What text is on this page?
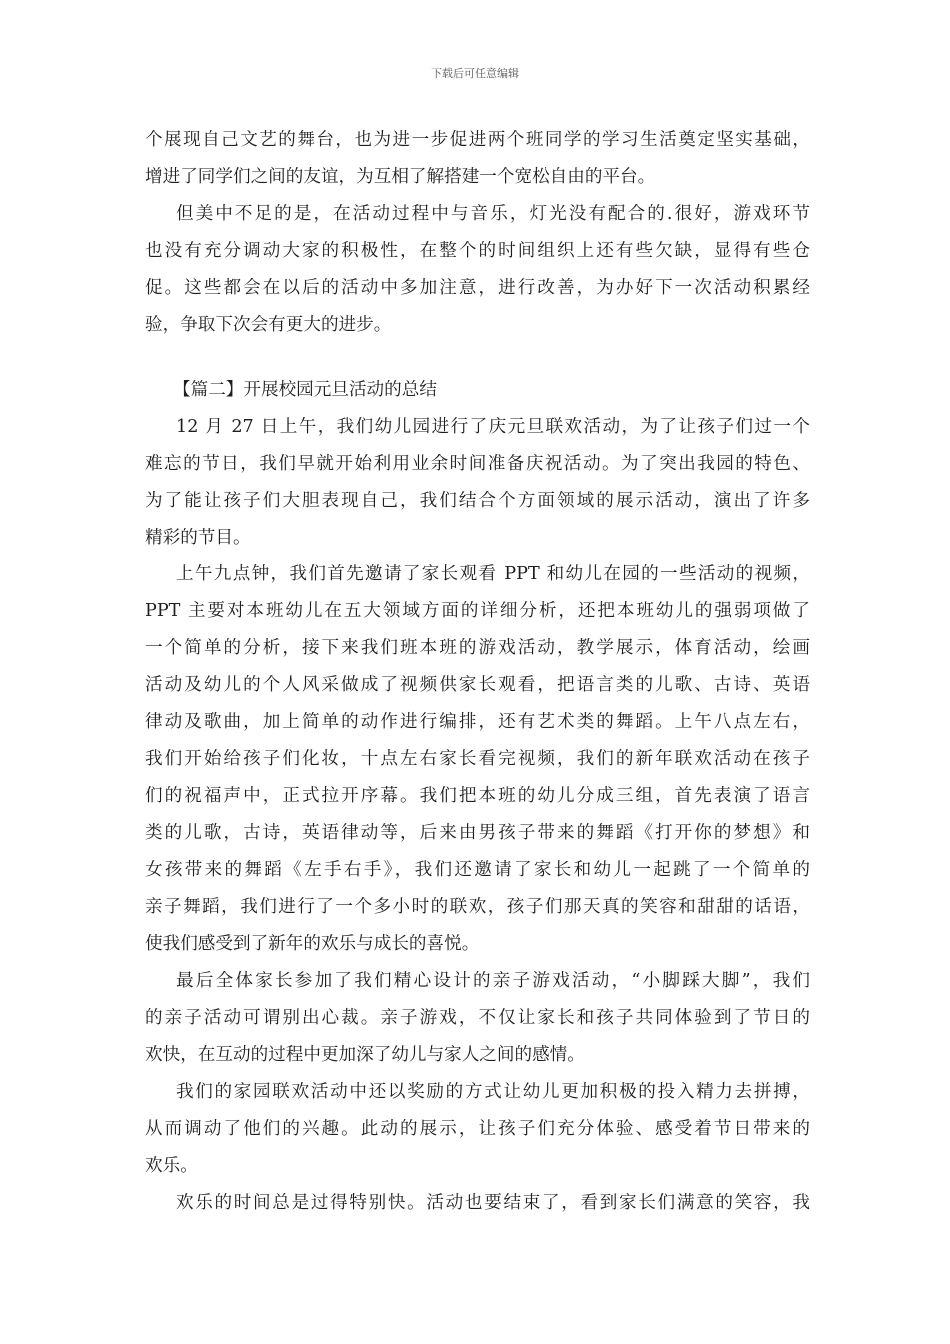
下载后可任意编辑
个展现自己文艺的舞台，也为进一步促进两个班同学的学习生活奠定坚实基础，
增进了同学们之间的友谊，为互相了解搭建一个宽松自由的平台。
但美中不足的是，在活动过程中与音乐，灯光没有配合的.很好，游戏环节
也没有充分调动大家的积极性，在整个的时间组织上还有些欠缺，显得有些仓
促。这些都会在以后的活动中多加注意，进行改善，为办好下一次活动积累经
验，争取下次会有更大的进步。
【篇二】开展校园元旦活动的总结
12 月 27 日上午，我们幼儿园进行了庆元旦联欢活动，为了让孩子们过一个
难忘的节日，我们早就开始利用业余时间准备庆祝活动。为了突出我园的特色、
为了能让孩子们大胆表现自己，我们结合个方面领域的展示活动，演出了许多
精彩的节目。
上午九点钟，我们首先邀请了家长观看 PPT 和幼儿在园的一些活动的视频，
PPT 主要对本班幼儿在五大领域方面的详细分析，还把本班幼儿的强弱项做了
一个简单的分析，接下来我们班本班的游戏活动，教学展示，体育活动，绘画
活动及幼儿的个人风采做成了视频供家长观看，把语言类的儿歌、古诗、英语
律动及歌曲，加上简单的动作进行编排，还有艺术类的舞蹈。上午八点左右，
我们开始给孩子们化妆，十点左右家长看完视频，我们的新年联欢活动在孩子
们的祝福声中，正式拉开序幕。我们把本班的幼儿分成三组，首先表演了语言
类的儿歌，古诗，英语律动等，后来由男孩子带来的舞蹈《打开你的梦想》和
女孩带来的舞蹈《左手右手》，我们还邀请了家长和幼儿一起跳了一个简单的
亲子舞蹈，我们进行了一个多小时的联欢，孩子们那天真的笑容和甜甜的话语，
使我们感受到了新年的欢乐与成长的喜悦。
最后全体家长参加了我们精心设计的亲子游戏活动，“小脚踩大脚”，我们
的亲子活动可谓别出心裁。亲子游戏，不仅让家长和孩子共同体验到了节日的
欢快，在互动的过程中更加深了幼儿与家人之间的感情。
我们的家园联欢活动中还以奖励的方式让幼儿更加积极的投入精力去拼搏，
从而调动了他们的兴趣。此动的展示，让孩子们充分体验、感受着节日带来的
欢乐。
欢乐的时间总是过得特别快。活动也要结束了，看到家长们满意的笑容，我
